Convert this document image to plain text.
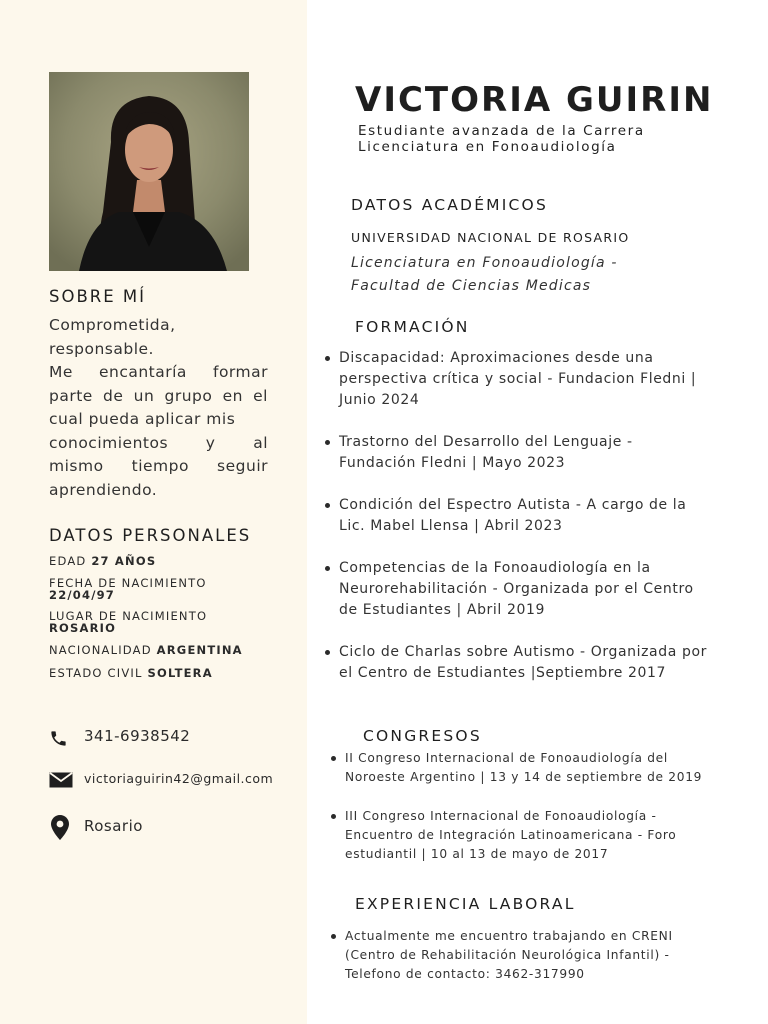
SOBRE MÍ
Comprometida,
responsable.
Me encantaría formar
parte de un grupo en el
cual pueda aplicar mis
conocimientos y al
mismo tiempo seguir
aprendiendo.
DATOS PERSONALES
EDAD 27 AÑOS
FECHA DE NACIMIENTO
22/04/97
LUGAR DE NACIMIENTO
ROSARIO
NACIONALIDAD ARGENTINA
ESTADO CIVIL SOLTERA
341-6938542
victoriaguirin42@gmail.com
Rosario
VICTORIA GUIRIN
Estudiante avanzada de la Carrera
Licenciatura en Fonoaudiología
DATOS ACADÉMICOS
UNIVERSIDAD NACIONAL DE ROSARIO
Licenciatura en Fonoaudiología -
Facultad de Ciencias Medicas
FORMACIÓN
Discapacidad: Aproximaciones desde una
perspectiva crítica y social - Fundacion Fledni |
Junio 2024
Trastorno del Desarrollo del Lenguaje -
Fundación Fledni | Mayo 2023
Condición del Espectro Autista - A cargo de la
Lic. Mabel Llensa | Abril 2023
Competencias de la Fonoaudiología en la
Neurorehabilitación - Organizada por el Centro
de Estudiantes | Abril 2019
Ciclo de Charlas sobre Autismo - Organizada por
el Centro de Estudiantes |Septiembre 2017
CONGRESOS
II Congreso Internacional de Fonoaudiología del
Noroeste Argentino | 13 y 14 de septiembre de 2019
III Congreso Internacional de Fonoaudiología -
Encuentro de Integración Latinoamericana - Foro
estudiantil | 10 al 13 de mayo de 2017
EXPERIENCIA LABORAL
Actualmente me encuentro trabajando en CRENI
(Centro de Rehabilitación Neurológica Infantil) -
Telefono de contacto: 3462-317990
